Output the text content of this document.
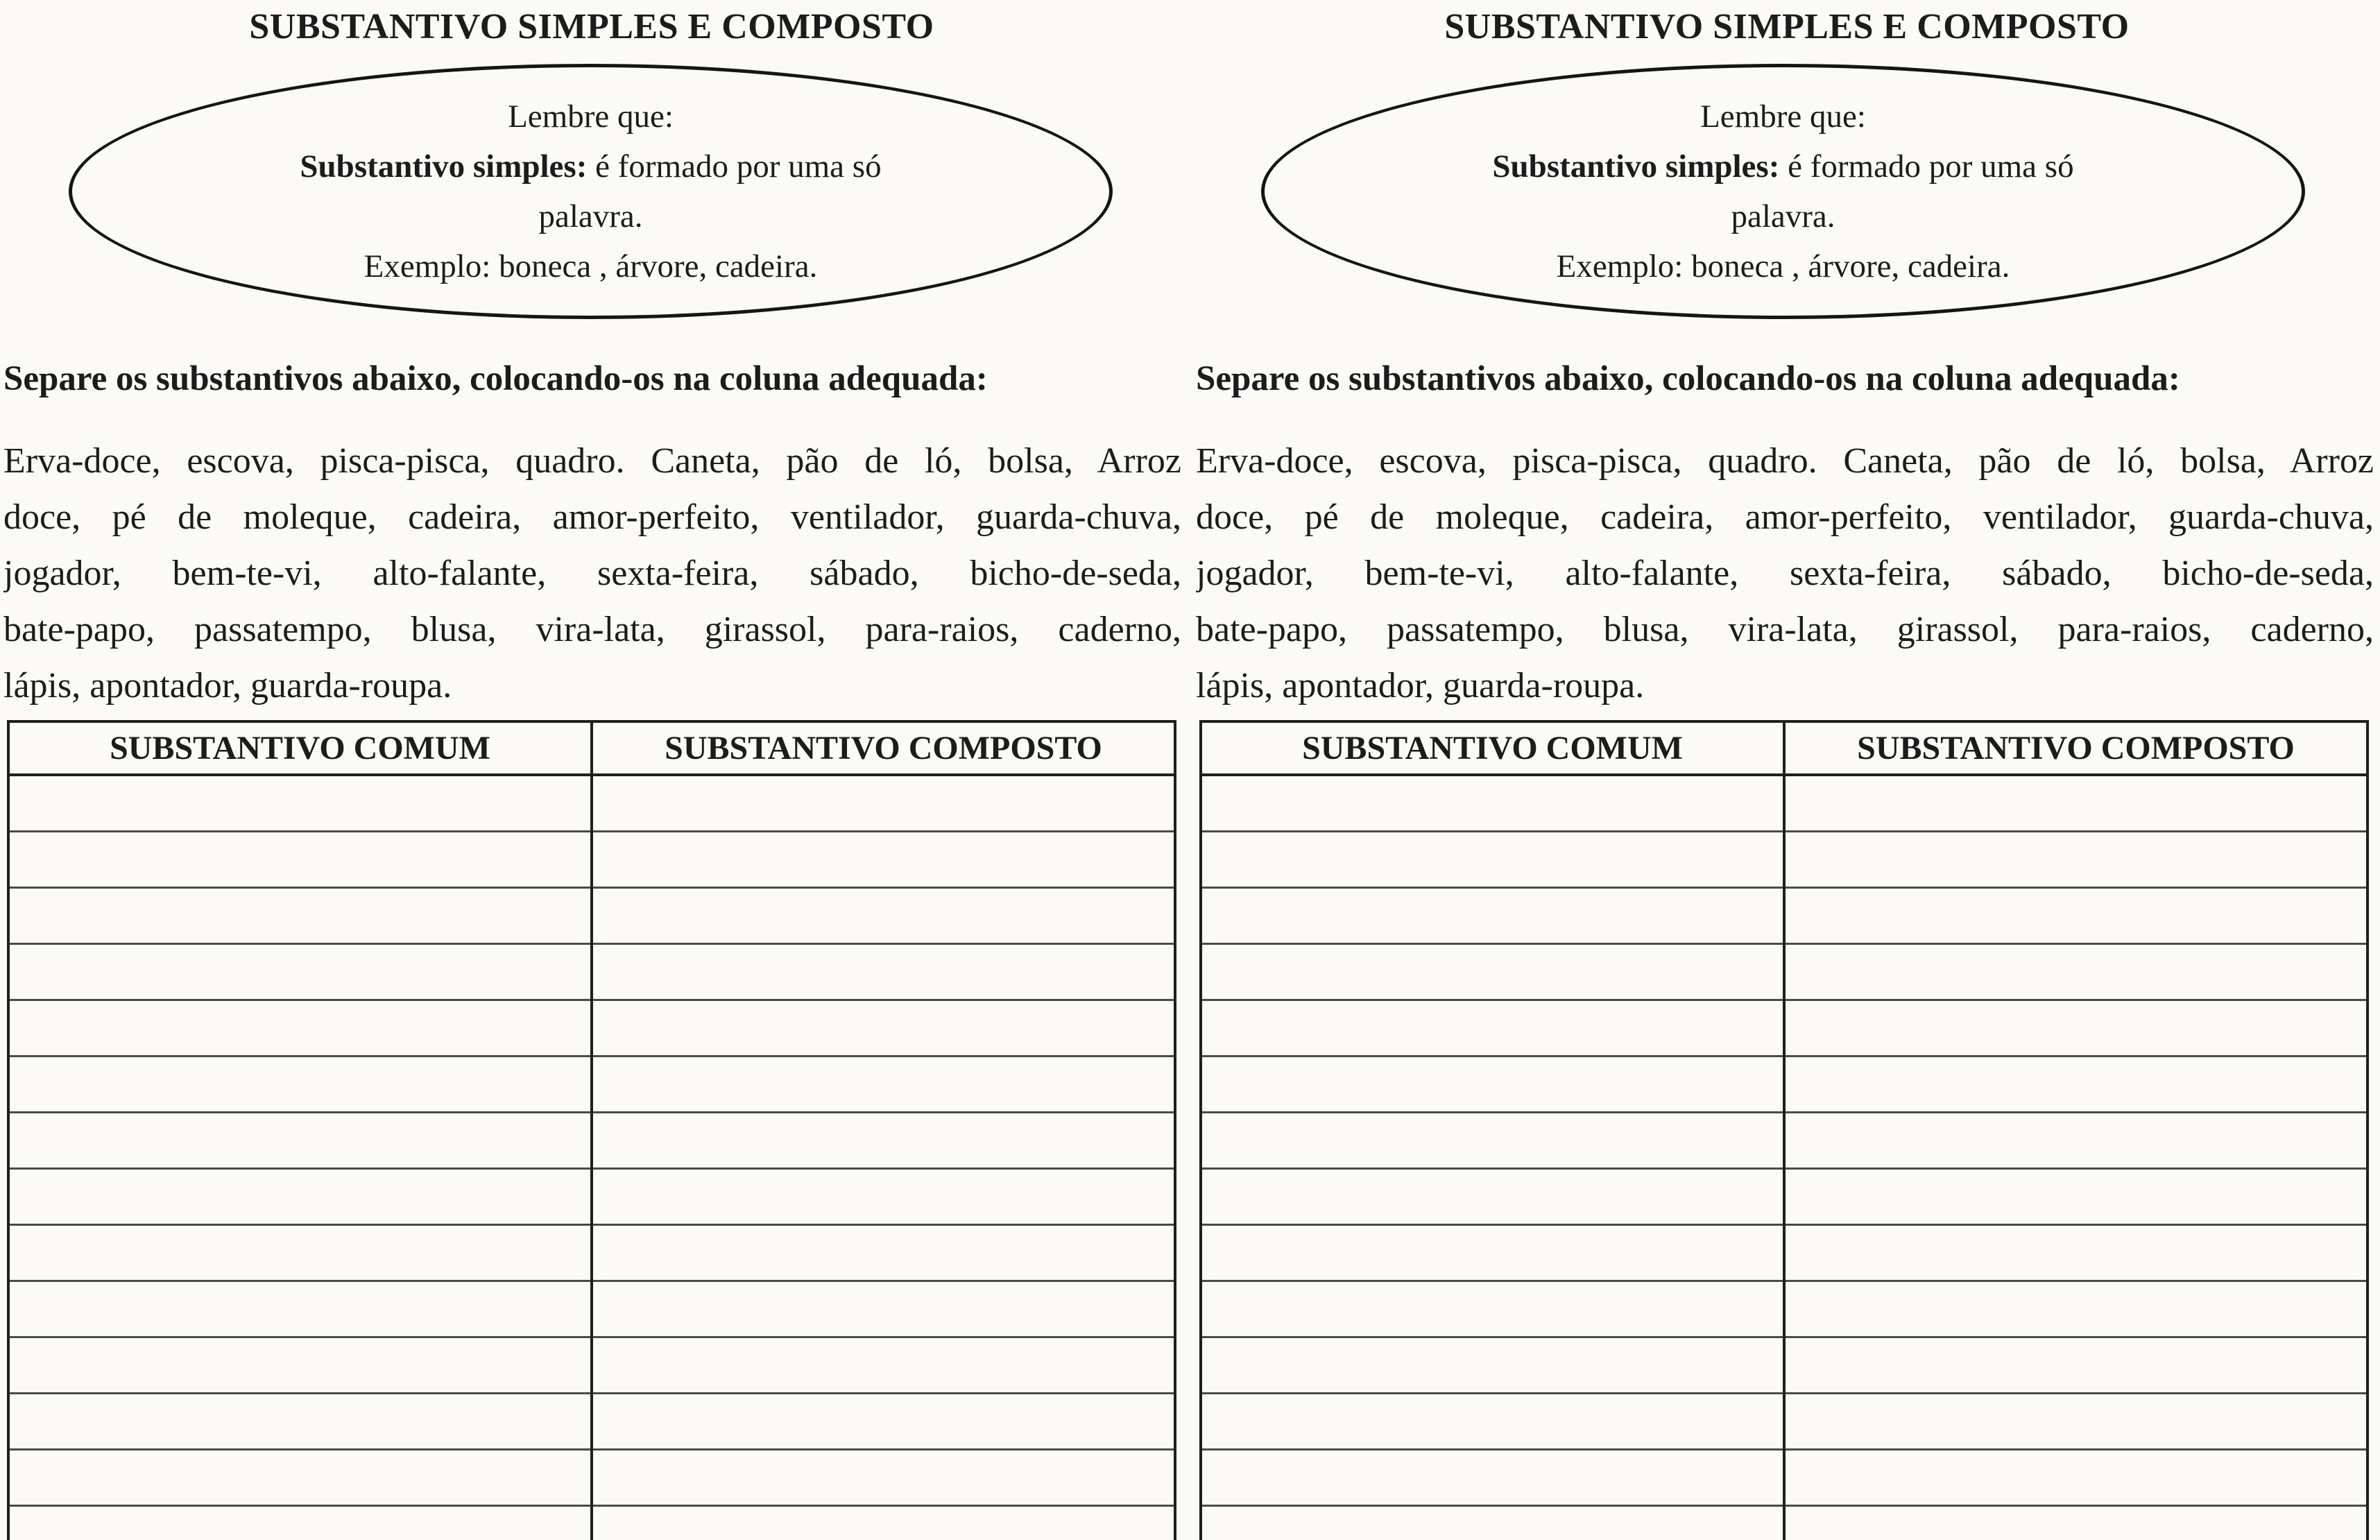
SUBSTANTIVO SIMPLES E COMPOSTO
Lembre que:
Substantivo simples: é formado por uma só
palavra.
Exemplo: boneca , árvore, cadeira.
Separe os substantivos abaixo, colocando-os na coluna adequada:
Erva-doce, escova, pisca-pisca, quadro. Caneta, pão de ló, bolsa, Arroz
doce, pé de moleque, cadeira, amor-perfeito, ventilador, guarda-chuva,
jogador, bem-te-vi, alto-falante, sexta-feira, sábado, bicho-de-seda,
bate-papo, passatempo, blusa, vira-lata, girassol, para-raios, caderno,
lápis, apontador, guarda-roupa.
SUBSTANTIVO COMUM	SUBSTANTIVO COMPOSTO

SUBSTANTIVO SIMPLES E COMPOSTO
Lembre que:
Substantivo simples: é formado por uma só
palavra.
Exemplo: boneca , árvore, cadeira.
Separe os substantivos abaixo, colocando-os na coluna adequada:
Erva-doce, escova, pisca-pisca, quadro. Caneta, pão de ló, bolsa, Arroz
doce, pé de moleque, cadeira, amor-perfeito, ventilador, guarda-chuva,
jogador, bem-te-vi, alto-falante, sexta-feira, sábado, bicho-de-seda,
bate-papo, passatempo, blusa, vira-lata, girassol, para-raios, caderno,
lápis, apontador, guarda-roupa.
SUBSTANTIVO COMUM	SUBSTANTIVO COMPOSTO
